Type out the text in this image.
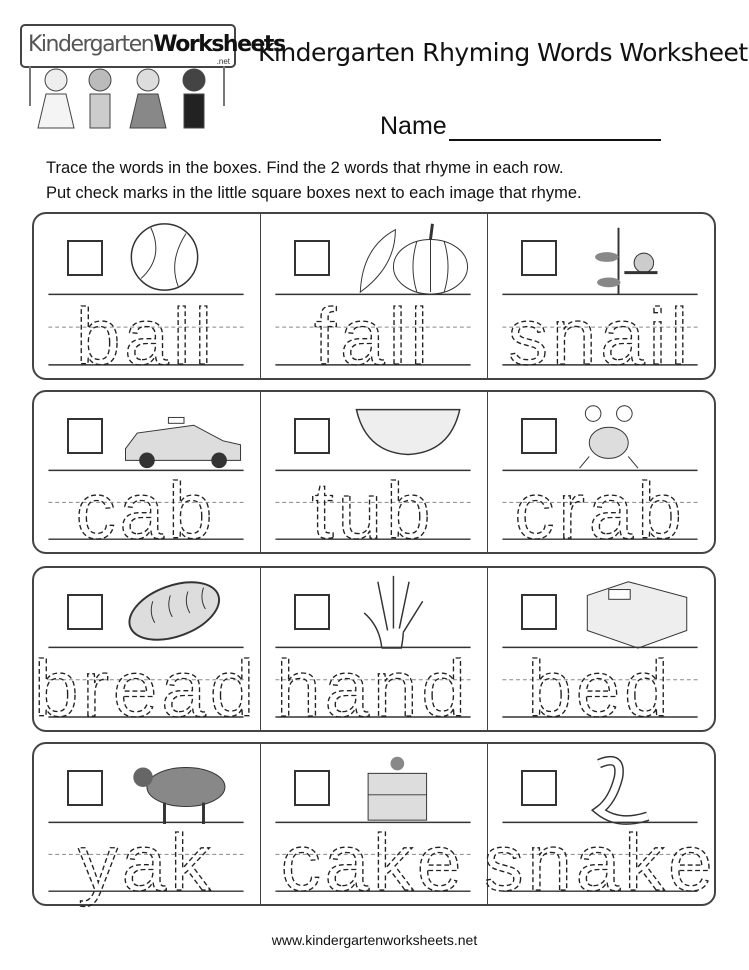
KindergartenWorksheets
.net Kindergarten Rhyming Words Worksheet
Name
Trace the words in the boxes. Find the 2 words that rhyme in each row.
Put check marks in the little square boxes next to each image that rhyme.
ball fall snail
cab tub crab
bread hand bed
yak cake snake
www.kindergartenworksheets.net
